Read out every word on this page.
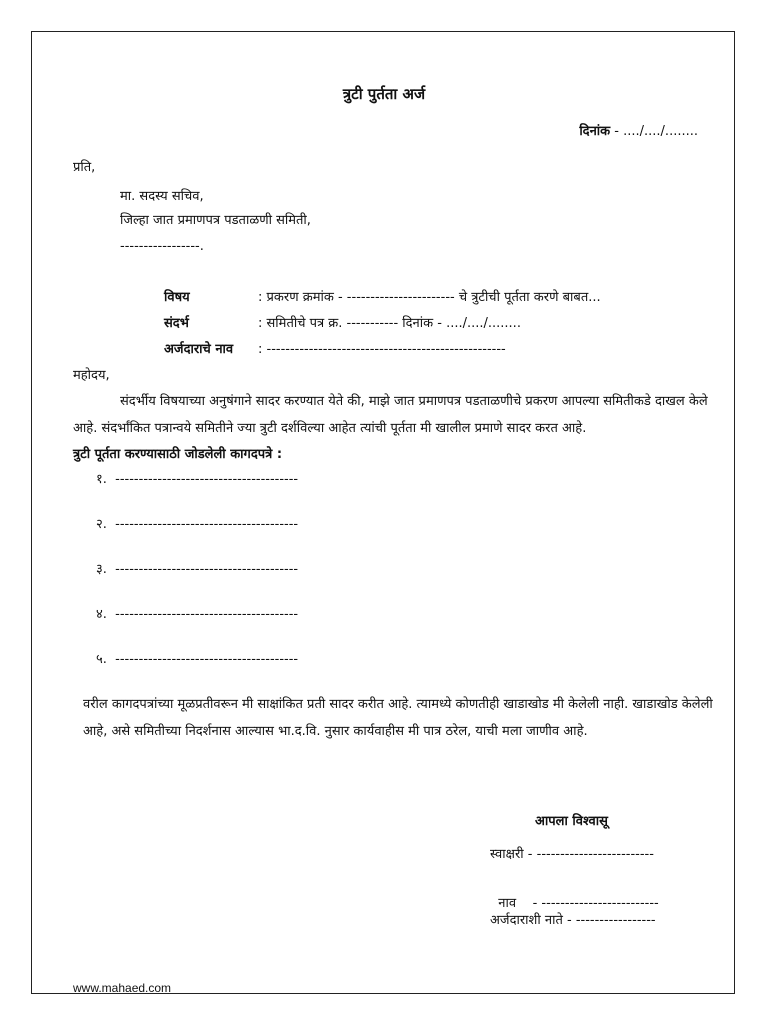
त्रुटी पुर्तता अर्ज
दिनांक - ..../..../........
प्रति,
मा. सदस्य सचिव,
जिल्हा जात प्रमाणपत्र पडताळणी समिती,
-----------------.
विषय	: प्रकरण क्रमांक - ----------------------- चे त्रुटीची पूर्तता करणे बाबत...
संदर्भ	: समितीचे पत्र क्र. ----------- दिनांक - ..../..../........
अर्जदाराचे नाव : ---------------------------------------------------
महोदय,
संदर्भीय विषयाच्या अनुषंगाने सादर करण्यात येते की, माझे जात प्रमाणपत्र पडताळणीचे प्रकरण आपल्या समितीकडे दाखल केले आहे. संदर्भांकित पत्रान्वये समितीने ज्या त्रुटी दर्शविल्या आहेत त्यांची पूर्तता मी खालील प्रमाणे सादर करत आहे.
त्रुटी पूर्तता करण्यासाठी जोडलेली कागदपत्रे :
१. ---------------------------------------
२. ---------------------------------------
३. ---------------------------------------
४. ---------------------------------------
५. ---------------------------------------
वरील कागदपत्रांच्या मूळप्रतीवरून मी साक्षांकित प्रती सादर करीत आहे. त्यामध्ये कोणतीही खाडाखोड मी केलेली नाही. खाडाखोड केलेली आहे, असे समितीच्या निदर्शनास आल्यास भा.द.वि. नुसार कार्यवाहीस मी पात्र ठरेल, याची मला जाणीव आहे.
आपला विश्वासू
स्वाक्षरी - -------------------------

नाव    - -------------------------

अर्जदाराशी नाते - -----------------
www.mahaed.com
